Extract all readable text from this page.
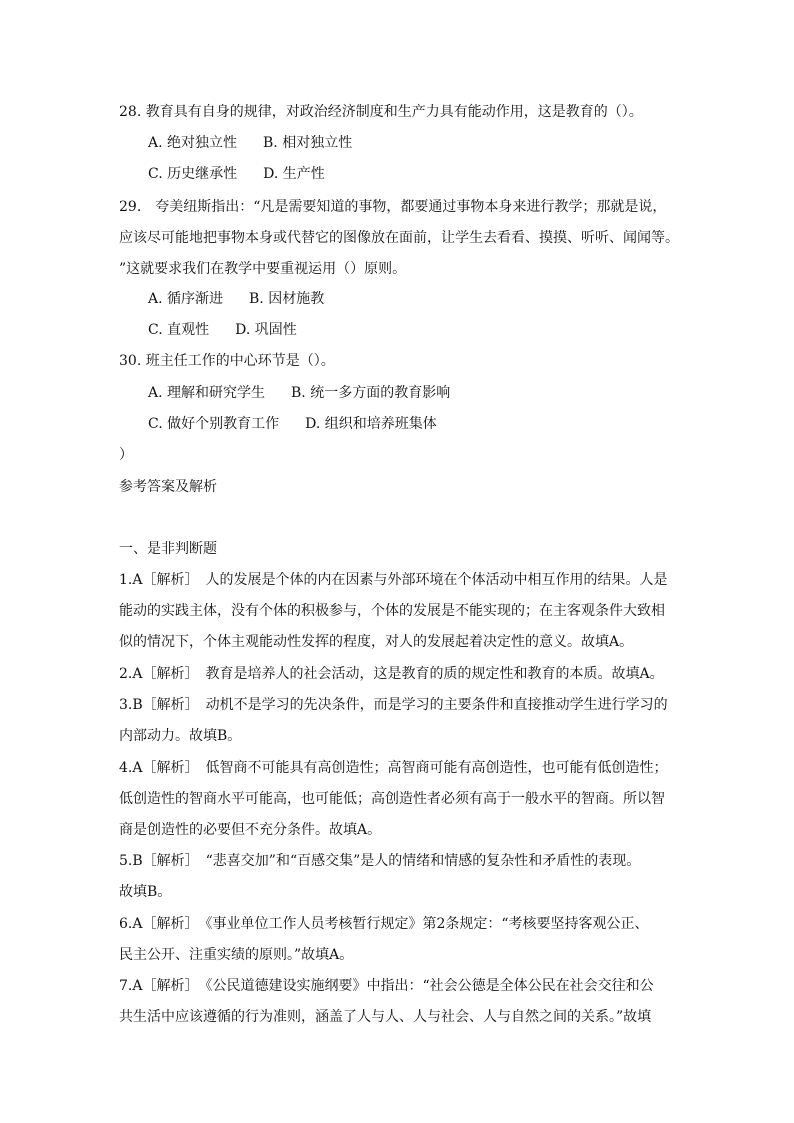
28. 教育具有自身的规律，对政治经济制度和生产力具有能动作用，这是教育的（）。
A. 绝对独立性 B. 相对独立性
C. 历史继承性 D. 生产性
29.　夸美纽斯指出：“凡是需要知道的事物，都要通过事物本身来进行教学；那就是说，
应该尽可能地把事物本身或代替它的图像放在面前，让学生去看看、摸摸、听听、闻闻等。
”这就要求我们在教学中要重视运用（）原则。
A. 循序渐进 B. 因材施教
C. 直观性 D. 巩固性
30. 班主任工作的中心环节是（）。
A. 理解和研究学生 B. 统一多方面的教育影响
C. 做好个别教育工作 D. 组织和培养班集体
）
参考答案及解析
一、是非判断题
1.A［解析］　人的发展是个体的内在因素与外部环境在个体活动中相互作用的结果。人是
能动的实践主体，没有个体的积极参与，个体的发展是不能实现的；在主客观条件大致相
似的情况下，个体主观能动性发挥的程度，对人的发展起着决定性的意义。故填A。
2.A［解析］　教育是培养人的社会活动，这是教育的质的规定性和教育的本质。故填A。
3.B［解析］　动机不是学习的先决条件，而是学习的主要条件和直接推动学生进行学习的
内部动力。故填B。
4.A［解析］　低智商不可能具有高创造性；高智商可能有高创造性，也可能有低创造性；
低创造性的智商水平可能高，也可能低；高创造性者必须有高于一般水平的智商。所以智
商是创造性的必要但不充分条件。故填A。
5.B［解析］　“悲喜交加”和“百感交集”是人的情绪和情感的复杂性和矛盾性的表现。
故填B。
6.A［解析］　《事业单位工作人员考核暂行规定》第2条规定：“考核要坚持客观公正、
民主公开、注重实绩的原则。”故填A。
7.A［解析］　《公民道德建设实施纲要》中指出：“社会公德是全体公民在社会交往和公
共生活中应该遵循的行为准则，涵盖了人与人、人与社会、人与自然之间的关系。”故填
